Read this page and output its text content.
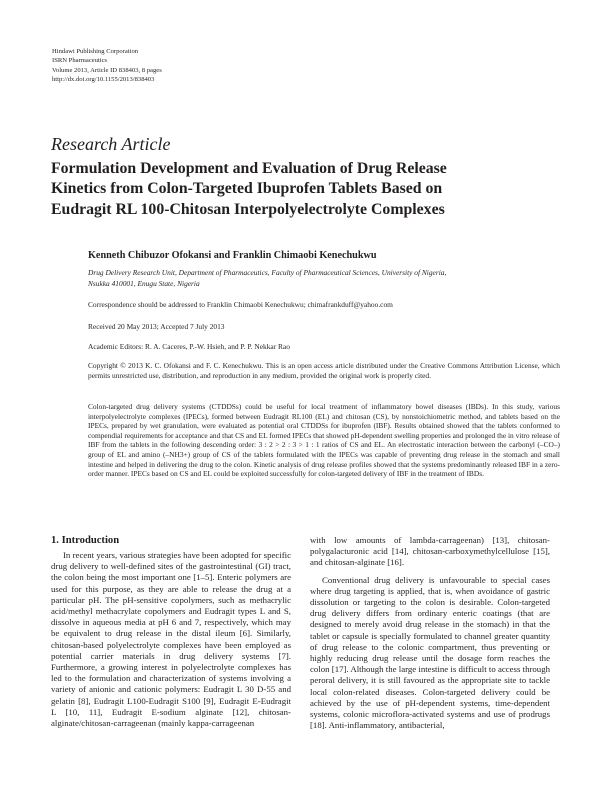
Hindawi Publishing Corporation
ISRN Pharmaceutics
Volume 2013, Article ID 838403, 8 pages
http://dx.doi.org/10.1155/2013/838403
Research Article
Formulation Development and Evaluation of Drug Release
Kinetics from Colon-Targeted Ibuprofen Tablets Based on
Eudragit RL 100-Chitosan Interpolyelectrolyte Complexes
Kenneth Chibuzor Ofokansi and Franklin Chimaobi Kenechukwu
Drug Delivery Research Unit, Department of Pharmaceutics, Faculty of Pharmaceutical Sciences, University of Nigeria,
Nsukka 410001, Enugu State, Nigeria
Correspondence should be addressed to Franklin Chimaobi Kenechukwu; chimafrankduff@yahoo.com
Received 20 May 2013; Accepted 7 July 2013
Academic Editors: R. A. Caceres, P.-W. Hsieh, and P. P. Nekkar Rao
Copyright © 2013 K. C. Ofokansi and F. C. Kenechukwu. This is an open access article distributed under the Creative Commons Attribution License, which permits unrestricted use, distribution, and reproduction in any medium, provided the original work is properly cited.
Colon-targeted drug delivery systems (CTDDSs) could be useful for local treatment of inflammatory bowel diseases (IBDs). In this study, various interpolyelectrolyte complexes (IPECs), formed between Eudragit RL100 (EL) and chitosan (CS), by nonstoichiometric method, and tablets based on the IPECs, prepared by wet granulation, were evaluated as potential oral CTDDSs for ibuprofen (IBF). Results obtained showed that the tablets conformed to compendial requirements for acceptance and that CS and EL formed IPECs that showed pH-dependent swelling properties and prolonged the in vitro release of IBF from the tablets in the following descending order: 3 : 2 > 2 : 3 > 1 : 1 ratios of CS and EL. An electrostatic interaction between the carbonyl (–CO–) group of EL and amino (–NH3+) group of CS of the tablets formulated with the IPECs was capable of preventing drug release in the stomach and small intestine and helped in delivering the drug to the colon. Kinetic analysis of drug release profiles showed that the systems predominantly released IBF in a zero-order manner. IPECs based on CS and EL could be exploited successfully for colon-targeted delivery of IBF in the treatment of IBDs.
1. Introduction

In recent years, various strategies have been adopted for specific drug delivery to well-defined sites of the gastrointestinal (GI) tract, the colon being the most important one [1–5]. Enteric polymers are used for this purpose, as they are able to release the drug at a particular pH. The pH-sensitive copolymers, such as methacrylic acid/methyl methacrylate copolymers and Eudragit types L and S, dissolve in aqueous media at pH 6 and 7, respectively, which may be equivalent to drug release in the distal ileum [6]. Similarly, chitosan-based polyelectrolyte complexes have been employed as potential carrier materials in drug delivery systems [7]. Furthermore, a growing interest in polyelectrolyte complexes has led to the formulation and characterization of systems involving a variety of anionic and cationic polymers: Eudragit L 30 D-55 and gelatin [8], Eudragit L100-Eudragit S100 [9], Eudragit E-Eudragit L [10, 11], Eudragit E-sodium alginate [12], chitosan-alginate/chitosan-carrageenan (mainly kappa-carrageenan

with low amounts of lambda-carrageenan) [13], chitosan-polygalacturonic acid [14], chitosan-carboxymethylcellulose [15], and chitosan-alginate [16].

Conventional drug delivery is unfavourable to special cases where drug targeting is applied, that is, when avoidance of gastric dissolution or targeting to the colon is desirable. Colon-targeted drug delivery differs from ordinary enteric coatings (that are designed to merely avoid drug release in the stomach) in that the tablet or capsule is specially formulated to channel greater quantity of drug release to the colonic compartment, thus preventing or highly reducing drug release until the dosage form reaches the colon [17]. Although the large intestine is difficult to access through peroral delivery, it is still favoured as the appropriate site to tackle local colon-related diseases. Colon-targeted delivery could be achieved by the use of pH-dependent systems, time-dependent systems, colonic microflora-activated systems and use of prodrugs [18]. Anti-inflammatory, antibacterial,
